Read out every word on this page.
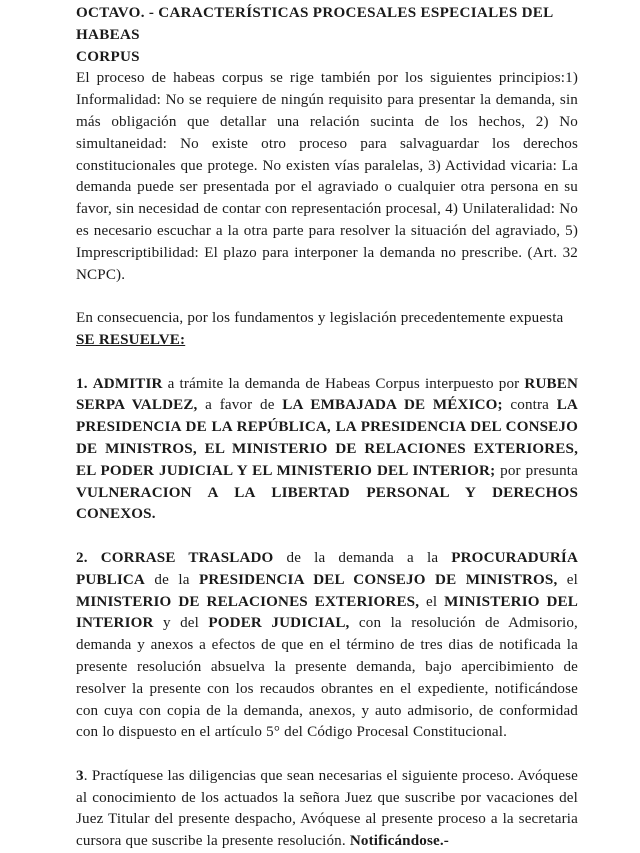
OCTAVO. - CARACTERÍSTICAS PROCESALES ESPECIALES DEL HABEAS
CORPUS

El proceso de habeas corpus se rige también por los siguientes principios:1) Informalidad: No se requiere de ningún requisito para presentar la demanda, sin más obligación que detallar una relación sucinta de los hechos, 2) No simultaneidad: No existe otro proceso para salvaguardar los derechos constitucionales que protege. No existen vías paralelas, 3) Actividad vicaria: La demanda puede ser presentada por el agraviado o cualquier otra persona en su favor, sin necesidad de contar con representación procesal, 4) Unilateralidad: No es necesario escuchar a la otra parte para resolver la situación del agraviado, 5) Imprescriptibilidad: El plazo para interponer la demanda no prescribe. (Art. 32 NCPC).

En consecuencia, por los fundamentos y legislación precedentemente expuesta
SE RESUELVE:

1. ADMITIR a trámite la demanda de Habeas Corpus interpuesto por RUBEN SERPA VALDEZ, a favor de LA EMBAJADA DE MÉXICO; contra LA PRESIDENCIA DE LA REPÚBLICA, LA PRESIDENCIA DEL CONSEJO DE MINISTROS, EL MINISTERIO DE RELACIONES EXTERIORES, EL PODER JUDICIAL Y EL MINISTERIO DEL INTERIOR; por presunta VULNERACION A LA LIBERTAD PERSONAL Y DERECHOS CONEXOS.

2. CORRASE TRASLADO de la demanda a la PROCURADURÍA PUBLICA de la PRESIDENCIA DEL CONSEJO DE MINISTROS, el MINISTERIO DE RELACIONES EXTERIORES, el MINISTERIO DEL INTERIOR y del PODER JUDICIAL, con la resolución de Admisorio, demanda y anexos a efectos de que en el término de tres dias de notificada la presente resolución absuelva la presente demanda, bajo apercibimiento de resolver la presente con los recaudos obrantes en el expediente, notificándose con cuya con copia de la demanda, anexos, y auto admisorio, de conformidad con lo dispuesto en el artículo 5° del Código Procesal Constitucional.

3. Practíquese las diligencias que sean necesarias el siguiente proceso. Avóquese al conocimiento de los actuados la señora Juez que suscribe por vacaciones del Juez Titular del presente despacho, Avóquese al presente proceso a la secretaria cursora que suscribe la presente resolución. Notificándose.-
